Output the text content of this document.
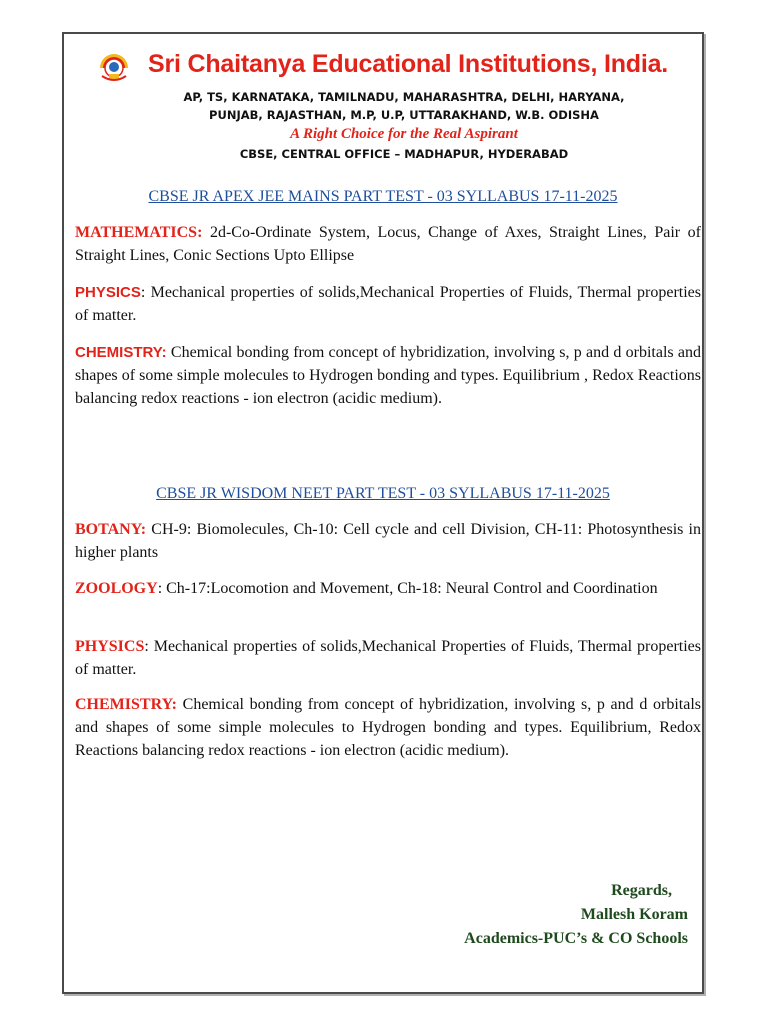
Sri Chaitanya Educational Institutions, India.
AP, TS, KARNATAKA, TAMILNADU, MAHARASHTRA, DELHI, HARYANA,
PUNJAB, RAJASTHAN, M.P, U.P, UTTARAKHAND, W.B. ODISHA
A Right Choice for the Real Aspirant
CBSE, CENTRAL OFFICE – MADHAPUR, HYDERABAD
CBSE JR APEX JEE MAINS PART TEST - 03 SYLLABUS 17-11-2025
MATHEMATICS: 2d-Co-Ordinate System, Locus, Change of Axes, Straight Lines, Pair of Straight Lines, Conic Sections Upto Ellipse
PHYSICS: Mechanical properties of solids,Mechanical Properties of Fluids, Thermal properties of matter.
CHEMISTRY: Chemical bonding from concept of hybridization, involving s, p and d orbitals and shapes of some simple molecules to Hydrogen bonding and types. Equilibrium , Redox Reactions balancing redox reactions - ion electron (acidic medium).
CBSE JR WISDOM NEET PART TEST - 03 SYLLABUS 17-11-2025
BOTANY: CH-9: Biomolecules, Ch-10: Cell cycle and cell Division, CH-11: Photosynthesis in higher plants
ZOOLOGY: Ch-17:Locomotion and Movement, Ch-18: Neural Control and Coordination
PHYSICS: Mechanical properties of solids,Mechanical Properties of Fluids, Thermal properties of matter.
CHEMISTRY: Chemical bonding from concept of hybridization, involving s, p and d orbitals and shapes of some simple molecules to Hydrogen bonding and types. Equilibrium, Redox Reactions balancing redox reactions - ion electron (acidic medium).
Regards,
Mallesh Koram
Academics-PUC’s & CO Schools
